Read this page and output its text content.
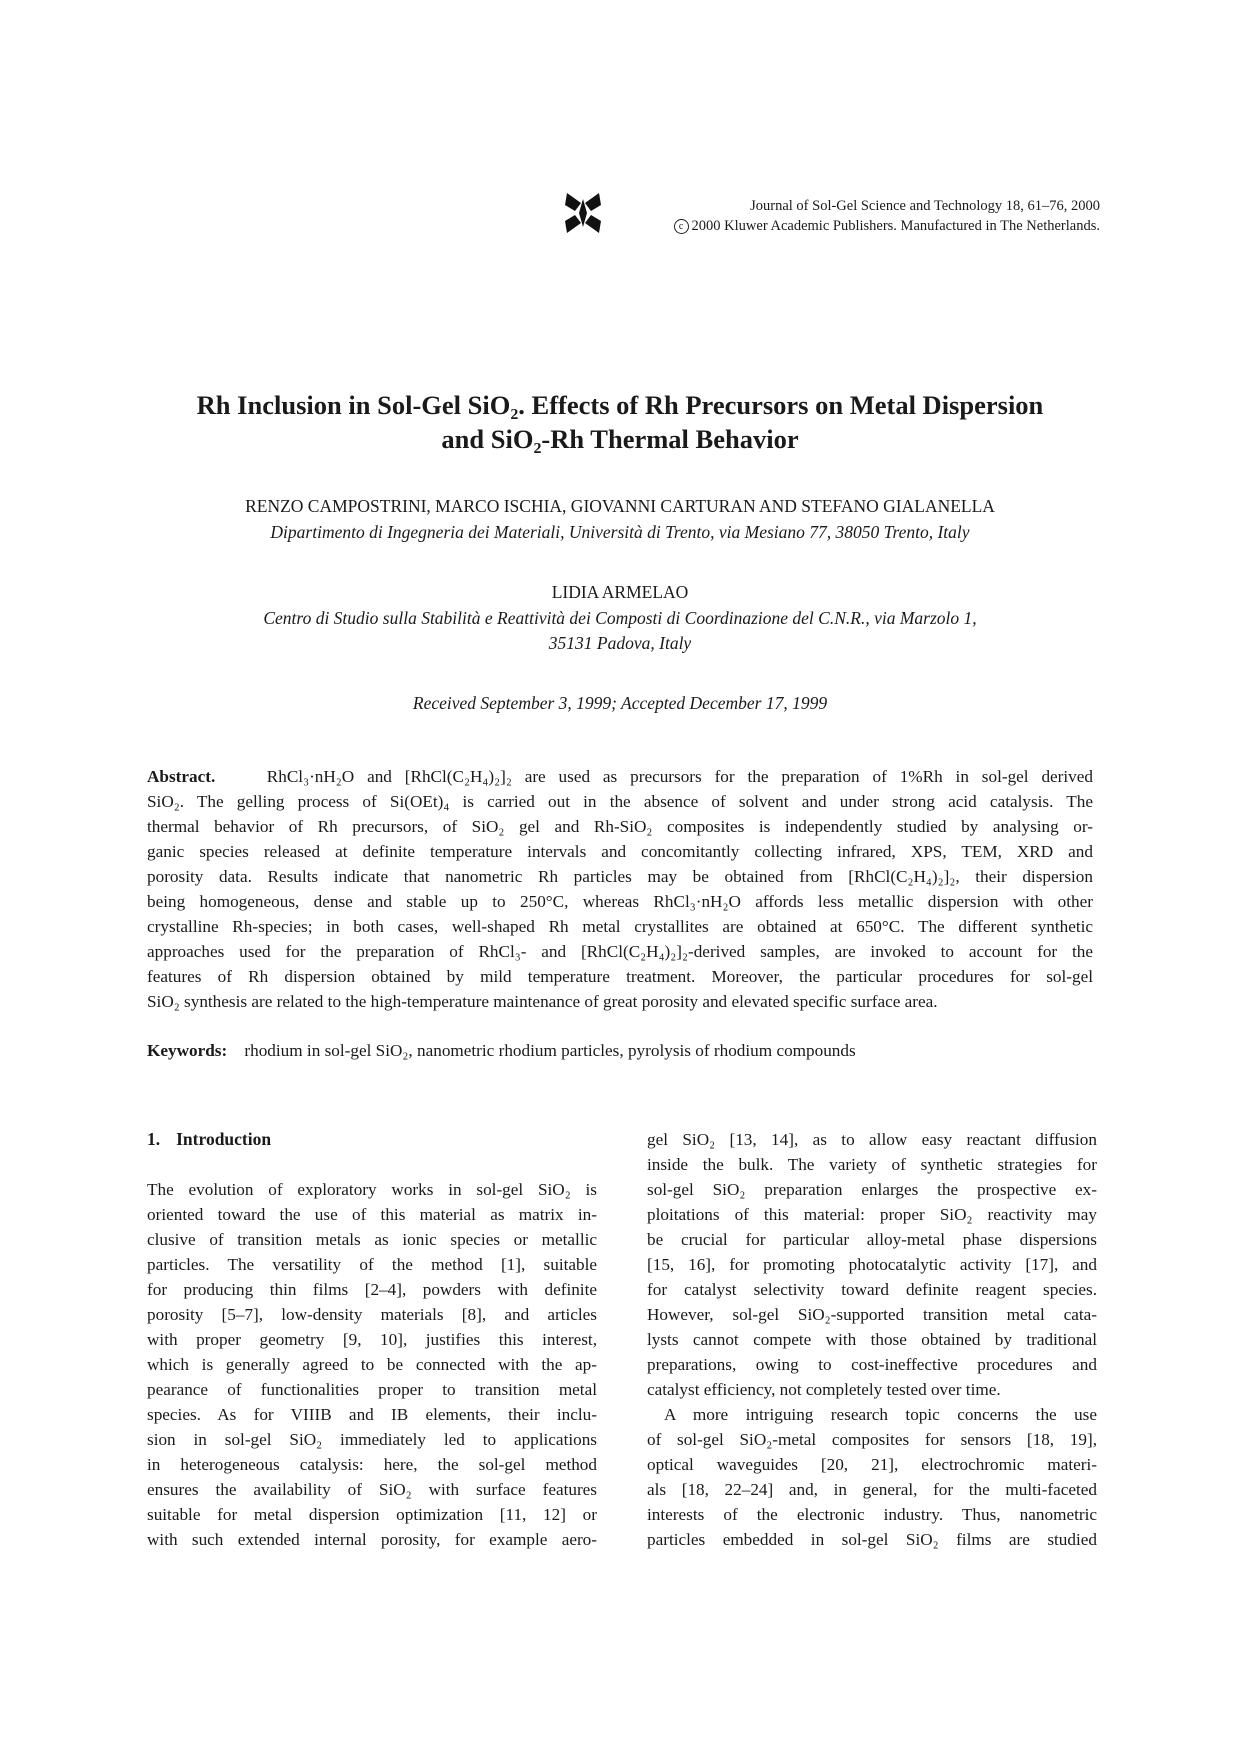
Journal of Sol-Gel Science and Technology 18, 61–76, 2000
c 2000 Kluwer Academic Publishers. Manufactured in The Netherlands.
Rh Inclusion in Sol-Gel SiO₂. Effects of Rh Precursors on Metal Dispersion
and SiO₂-Rh Thermal Behavior
RENZO CAMPOSTRINI, MARCO ISCHIA, GIOVANNI CARTURAN AND STEFANO GIALANELLA
Dipartimento di Ingegneria dei Materiali, Università di Trento, via Mesiano 77, 38050 Trento, Italy
LIDIA ARMELAO
Centro di Studio sulla Stabilità e Reattività dei Composti di Coordinazione del C.N.R., via Marzolo 1,
35131 Padova, Italy
Received September 3, 1999; Accepted December 17, 1999
Abstract.	RhCl₃·nH₂O and [RhCl(C₂H₄)₂]₂ are used as precursors for the preparation of 1%Rh in sol-gel derived
SiO₂. The gelling process of Si(OEt)₄ is carried out in the absence of solvent and under strong acid catalysis. The
thermal behavior of Rh precursors, of SiO₂ gel and Rh-SiO₂ composites is independently studied by analysing or-
ganic species released at definite temperature intervals and concomitantly collecting infrared, XPS, TEM, XRD and
porosity data. Results indicate that nanometric Rh particles may be obtained from [RhCl(C₂H₄)₂]₂, their dispersion
being homogeneous, dense and stable up to 250°C, whereas RhCl₃·nH₂O affords less metallic dispersion with other
crystalline Rh-species; in both cases, well-shaped Rh metal crystallites are obtained at 650°C. The different synthetic
approaches used for the preparation of RhCl₃- and [RhCl(C₂H₄)₂]₂-derived samples, are invoked to account for the
features of Rh dispersion obtained by mild temperature treatment. Moreover, the particular procedures for sol-gel
SiO₂ synthesis are related to the high-temperature maintenance of great porosity and elevated specific surface area.
Keywords: rhodium in sol-gel SiO₂, nanometric rhodium particles, pyrolysis of rhodium compounds
1. Introduction
The evolution of exploratory works in sol-gel SiO₂ is
oriented toward the use of this material as matrix in-
clusive of transition metals as ionic species or metallic
particles. The versatility of the method [1], suitable
for producing thin films [2–4], powders with definite
porosity [5–7], low-density materials [8], and articles
with proper geometry [9, 10], justifies this interest,
which is generally agreed to be connected with the ap-
pearance of functionalities proper to transition metal
species. As for VIIIB and IB elements, their inclu-
sion in sol-gel SiO₂ immediately led to applications
in heterogeneous catalysis: here, the sol-gel method
ensures the availability of SiO₂ with surface features
suitable for metal dispersion optimization [11, 12] or
with such extended internal porosity, for example aero-
gel SiO₂ [13, 14], as to allow easy reactant diffusion
inside the bulk. The variety of synthetic strategies for
sol-gel SiO₂ preparation enlarges the prospective ex-
ploitations of this material: proper SiO₂ reactivity may
be crucial for particular alloy-metal phase dispersions
[15, 16], for promoting photocatalytic activity [17], and
for catalyst selectivity toward definite reagent species.
However, sol-gel SiO₂-supported transition metal cata-
lysts cannot compete with those obtained by traditional
preparations, owing to cost-ineffective procedures and
catalyst efficiency, not completely tested over time.
A more intriguing research topic concerns the use
of sol-gel SiO₂-metal composites for sensors [18, 19],
optical waveguides [20, 21], electrochromic materi-
als [18, 22–24] and, in general, for the multi-faceted
interests of the electronic industry. Thus, nanometric
particles embedded in sol-gel SiO₂ films are studied
